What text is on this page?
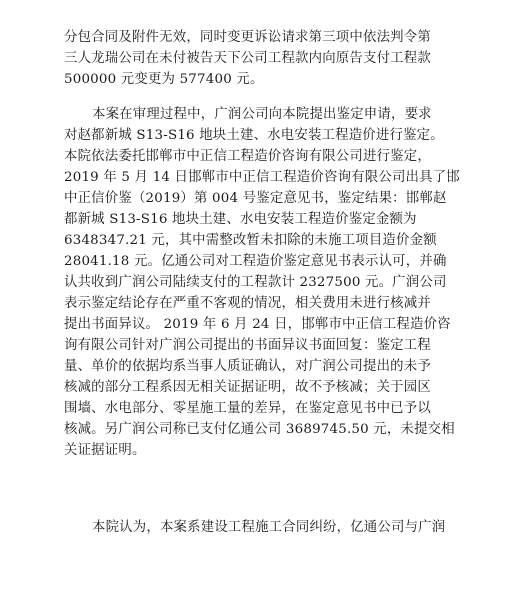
分包合同及附件无效，同时变更诉讼请求第三项中依法判令第
三人龙瑞公司在未付被告天下公司工程款内向原告支付工程款
500000 元变更为 577400 元。
本案在审理过程中，广润公司向本院提出鉴定申请，要求
对赵都新城 S13-S16 地块土建、水电安装工程造价进行鉴定。
本院依法委托邯郸市中正信工程造价咨询有限公司进行鉴定，
2019 年 5 月 14 日邯郸市中正信工程造价咨询有限公司出具了邯
中正信价鉴（2019）第 004 号鉴定意见书，鉴定结果：邯郸赵
都新城 S13-S16 地块土建、水电安装工程造价鉴定金额为
6348347.21 元，其中需整改暂未扣除的未施工项目造价金额
28041.18 元。亿通公司对工程造价鉴定意见书表示认可，并确
认共收到广润公司陆续支付的工程款计 2327500 元。广润公司
表示鉴定结论存在严重不客观的情况，相关费用未进行核减并
提出书面异议。 2019 年 6 月 24 日，邯郸市中正信工程造价咨
询有限公司针对广润公司提出的书面异议书面回复：鉴定工程
量、单价的依据均系当事人质证确认，对广润公司提出的未予
核减的部分工程系因无相关证据证明，故不予核减；关于园区
围墙、水电部分、零星施工量的差异，在鉴定意见书中已予以
核减。另广润公司称已支付亿通公司 3689745.50 元，未提交相
关证据证明。
本院认为，本案系建设工程施工合同纠纷，亿通公司与广润
